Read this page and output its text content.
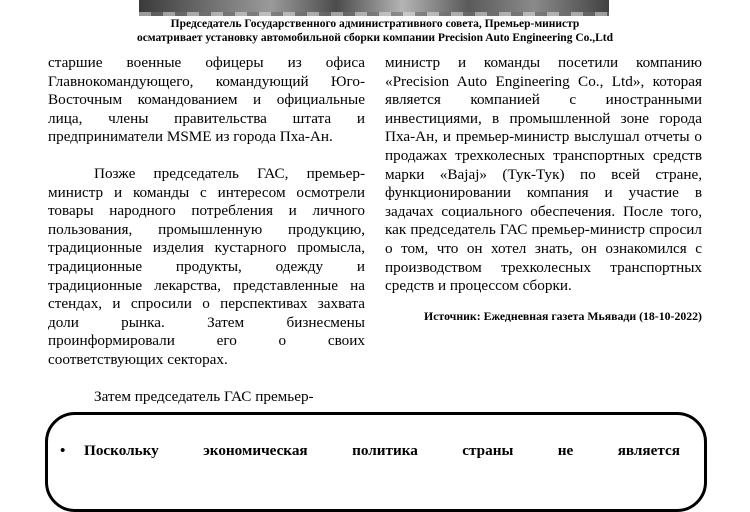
Председатель Государственного административного совета, Премьер-министр
осматривает установку автомобильной сборки компании Precision Auto Engineering Co.,Ltd

старшие военные офицеры из офиса Главнокомандующего, командующий Юго-Восточным командованием и официальные лица, члены правительства штата и предприниматели MSME из города Пха-Ан.

Позже председатель ГАС, премьер-министр и команды с интересом осмотрели товары народного потребления и личного пользования, промышленную продукцию, традиционные изделия кустарного промысла, традиционные продукты, одежду и традиционные лекарства, представленные на стендах, и спросили о перспективах захвата доли рынка. Затем бизнесмены проинформировали его о своих соответствующих секторах.

Затем председатель ГАС премьер-

министр и команды посетили компанию «Precision Auto Engineering Co., Ltd», которая является компанией с иностранными инвестициями, в промышленной зоне города Пха-Ан, и премьер-министр выслушал отчеты о продажах трехколесных транспортных средств марки «Bajaj» (Тук-Тук) по всей стране, функционировании компания и участие в задачах социального обеспечения. После того, как председатель ГАС премьер-министр спросил о том, что он хотел знать, он ознакомился с производством трехколесных транспортных средств и процессом сборки.

Источник: Ежедневная газета Мьявади (18-10-2022)
•	Поскольку	экономическая	политика	страны	не	является
